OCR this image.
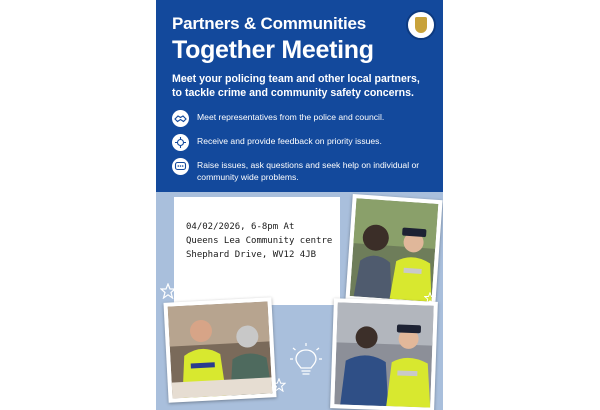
Partners & Communities
Together Meeting
Meet your policing team and other local partners, to tackle crime and community safety concerns.
Meet representatives from the police and council.
Receive and provide feedback on priority issues.
Raise issues, ask questions and seek help on individual or community wide problems.
04/02/2026, 6-8pm At
Queens Lea Community centre
Shephard Drive, WV12 4JB
